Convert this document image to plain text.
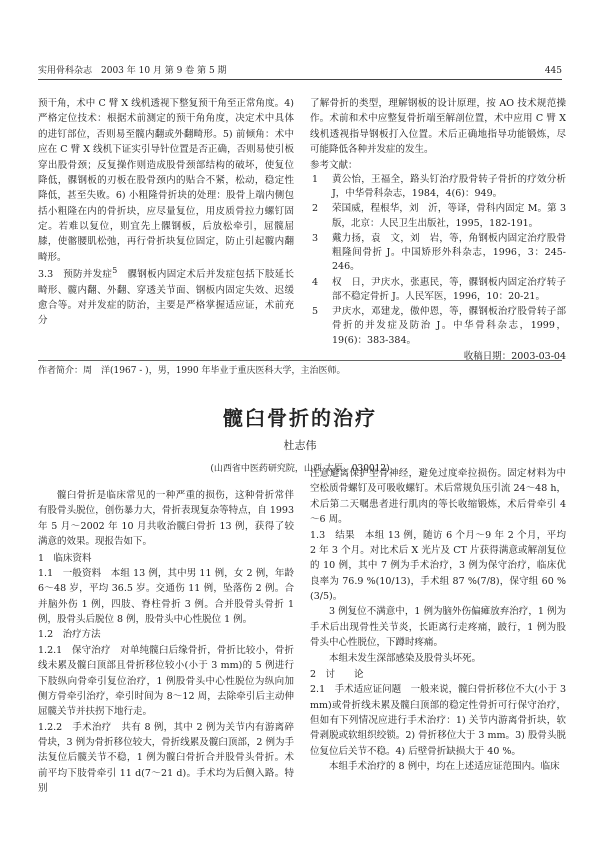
实用骨科杂志　2003 年 10 月 第 9 卷 第 5 期	445

预干角，术中 C 臂 X 线机透视下整复预干角至正常角度。4) 严格定位技术：根据术前测定的预干角角度，决定术中具体的进钉部位，否则易至髋内翻或外翻畸形。5) 前倾角：术中应在 C 臂 X 线机下证实引导针位置是否正确，否则易使引板穿出股骨颈；反复操作则造成股骨颈部结构的破坏，使复位降低，髁钢板的刃板在股骨颈内的贴合不紧，松动，稳定性降低，甚至失败。6) 小粗隆骨折块的处理：股骨上端内侧包括小粗隆在内的骨折块，应尽量复位，用皮质骨拉力螺钉固定。若难以复位，则宜先上髁钢板，后放松牵引，屈髋屈膝，使髂腰肌松弛，再行骨折块复位固定，防止引起髋内翻畸形。

3.3　 预防并发症$^5$　 髁钢板内固定术后并发症包括下肢延长畸形、髋内翻、外翻、穿透关节面、钢板内固定失效、迟缓愈合等。对并发症的防治，主要是严格掌握适应证，术前充分

了解骨折的类型，理解钢板的设计原理，按 AO 技术规范操作。术前和术中应整复骨折端至解剖位置，术中应用 C 臂 X 线机透视指导钢板打入位置。术后正确地指导功能锻炼，尽可能降低各种并发症的发生。

参考文献：

1 黄公怡，王福全，路头钉治疗股骨转子骨折的疗效分析 J，中华骨科杂志，1984，4(6)：949。
2 荣国威，程根华，刘　沂，等译，骨科内固定 M。第 3 版，北京：人民卫生出版社，1995，182-191。
3 戴力扬，袁　文，刘　岩，等，角钢板内固定治疗股骨粗隆间骨折 J。中国矫形外科杂志，1996，3：245-246。
4 权　日，尹庆水，张惠民，等，髁钢板内固定治疗转子部不稳定骨折 J。人民军医，1996，10：20-21。
5 尹庆水，邓建龙，傲仲恩，等，髁钢板治疗股骨转子部骨折的并发症及防治 J。中华骨科杂志，1999，19(6)：383-384。

收稿日期：2003-03-04

作者简介：周　洋(1967 - )，男，1990 年毕业于重庆医科大学，主治医师。
髋臼骨折的治疗
杜志伟
(山西省中医药研究院，山西 太原　030012)

髋臼骨折是临床常见的一种严重的损伤，这种骨折常伴有股骨头脱位，创伤暴力大，骨折表现复杂等特点，自 1993 年 5 月～2002 年 10 月共收治髋臼骨折 13 例，获得了较满意的效果。现报告如下。

1　临床资料

1.1　一般资料　本组 13 例，其中男 11 例，女 2 例，年龄 6～48 岁，平均 36.5 岁。交通伤 11 例，坠落伤 2 例。合并脑外伤 1 例，四肢、脊柱骨折 3 例。合并股骨头骨折 1 例，股骨头后脱位 8 例，股骨头中心性脱位 1 例。

1.2　治疗方法

1.2.1　保守治疗　对单纯髋臼后缘骨折，骨折比较小，骨折线未累及髋臼顶部且骨折移位较小(小于 3 mm)的 5 例进行下肢纵向骨牵引复位治疗，1 例股骨头中心性脱位为纵向加侧方骨牵引治疗，牵引时间为 8～12 周，去除牵引后主动伸屈髋关节并扶拐下地行走。

1.2.2　手术治疗　共有 8 例，其中 2 例为关节内有游离碎骨块，3 例为骨折移位较大，骨折线累及髋臼顶部，2 例为手法复位后髋关节不稳，1 例为髋臼骨折合并股骨头骨折。术前平均下肢骨牵引 11 d(7～21 d)。手术均为后侧入路。特别

注意避离保护坐骨神经，避免过度牵拉损伤。固定材料为中空松质骨螺钉及可吸收螺钉。术后常规负压引流 24～48 h，术后第二天嘱患者进行肌肉的等长收缩锻炼，术后骨牵引 4～6 周。

1.3　结果　本组 13 例，随访 6 个月～9 年 2 个月，平均 2 年 3 个月。对比术后 X 光片及 CT 片获得满意或解剖复位的 10 例，其中 7 例为手术治疗，3 例为保守治疗，临床优良率为 76.9 %(10/13)，手术组 87 %(7/8)，保守组 60 %(3/5)。

3 例复位不满意中，1 例为脑外伤偏瘫放弃治疗，1 例为手术后出现骨性关节炎，长距离行走疼痛，跛行，1 例为股骨头中心性脱位，下蹲时疼痛。

本组未发生深部感染及股骨头坏死。

2　讨　　论

2.1　手术适应证问题　一般来说，髋臼骨折移位不大(小于 3 mm)或骨折线未累及髋臼顶部的稳定性骨折可行保守治疗，但如有下列情况应进行手术治疗：1) 关节内游离骨折块，软骨剥脱或软组织绞锁。2) 骨折移位大于 3 mm。3) 股骨头脱位复位后关节不稳。4) 后壁骨折缺损大于 40 %。

本组手术治疗的 8 例中，均在上述适应证范围内。临床
